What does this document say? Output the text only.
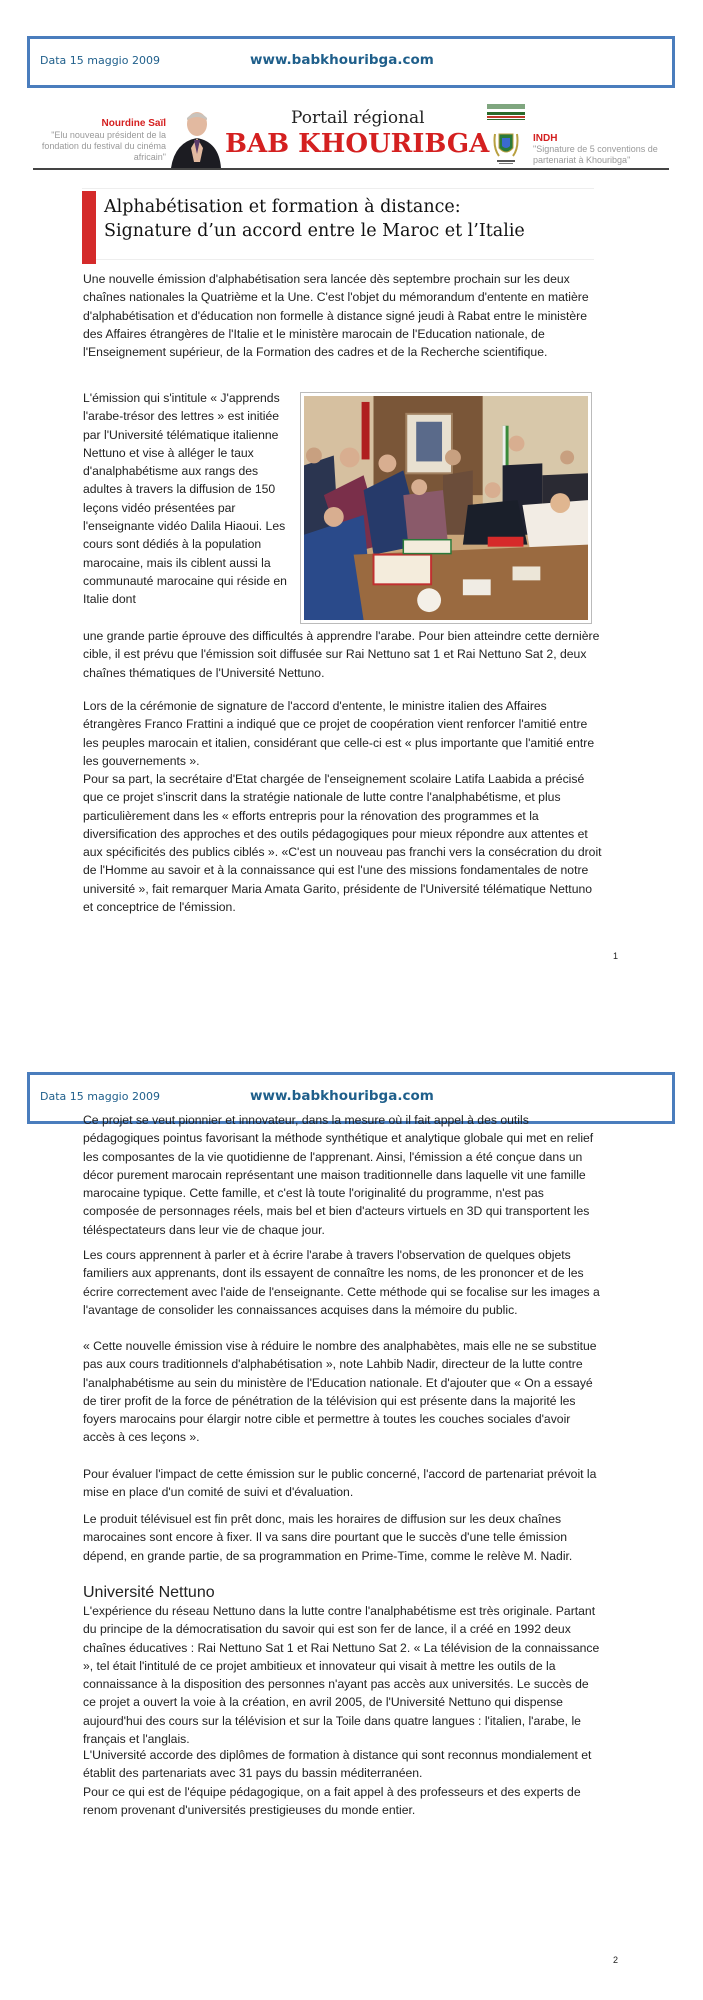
Data 15 maggio 2009	www.babkhouribga.com
Nourdine Saïl
"Elu nouveau président de la fondation du festival du cinéma africain"
Portail régional
BAB KHOURIBGA	INDH
"Signature de 5 conventions de partenariat à Khouribga"
Alphabétisation et formation à distance:
Signature d’un accord entre le Maroc et l’Italie

Une nouvelle émission d'alphabétisation sera lancée dès septembre prochain sur les deux chaînes nationales la Quatrième et la Une. C'est l'objet du mémorandum d'entente en matière d'alphabétisation et d'éducation non formelle à distance signé jeudi à Rabat entre le ministère des Affaires étrangères de l'Italie et le ministère marocain de l'Education nationale, de l'Enseignement supérieur, de la Formation des cadres et de la Recherche scientifique.

L'émission qui s'intitule « J'apprends l'arabe-trésor des lettres » est initiée par l'Université télématique italienne Nettuno et vise à alléger le taux d'analphabétisme aux rangs des adultes à travers la diffusion de 150 leçons vidéo présentées par l'enseignante vidéo Dalila Hiaoui. Les cours sont dédiés à la population marocaine, mais ils ciblent aussi la communauté marocaine qui réside en Italie dont

une grande partie éprouve des difficultés à apprendre l'arabe. Pour bien atteindre cette dernière cible, il est prévu que l'émission soit diffusée sur Rai Nettuno sat 1 et Rai Nettuno Sat 2, deux chaînes thématiques de l'Université Nettuno.

Lors de la cérémonie de signature de l'accord d'entente, le ministre italien des Affaires étrangères Franco Frattini a indiqué que ce projet de coopération vient renforcer l'amitié entre les peuples marocain et italien, considérant que celle-ci est « plus importante que l'amitié entre les gouvernements ».

Pour sa part, la secrétaire d'Etat chargée de l'enseignement scolaire Latifa Laabida a précisé que ce projet s'inscrit dans la stratégie nationale de lutte contre l'analphabétisme, et plus particulièrement dans les « efforts entrepris pour la rénovation des programmes et la diversification des approches et des outils pédagogiques pour mieux répondre aux attentes et aux spécificités des publics ciblés ». «C'est un nouveau pas franchi vers la consécration du droit de l'Homme au savoir et à la connaissance qui est l'une des missions fondamentales de notre université », fait remarquer Maria Amata Garito, présidente de l'Université télématique Nettuno et conceptrice de l'émission.

1
Data 15 maggio 2009	www.babkhouribga.com

Ce projet se veut pionnier et innovateur, dans la mesure où il fait appel à des outils pédagogiques pointus favorisant la méthode synthétique et analytique globale qui met en relief les composantes de la vie quotidienne de l'apprenant. Ainsi, l'émission a été conçue dans un décor purement marocain représentant une maison traditionnelle dans laquelle vit une famille marocaine typique. Cette famille, et c'est là toute l'originalité du programme, n'est pas composée de personnages réels, mais bel et bien d'acteurs virtuels en 3D qui transportent les téléspectateurs dans leur vie de chaque jour.

Les cours apprennent à parler et à écrire l'arabe à travers l'observation de quelques objets familiers aux apprenants, dont ils essayent de connaître les noms, de les prononcer et de les écrire correctement avec l'aide de l'enseignante. Cette méthode qui se focalise sur les images a l'avantage de consolider les connaissances acquises dans la mémoire du public.

« Cette nouvelle émission vise à réduire le nombre des analphabètes, mais elle ne se substitue pas aux cours traditionnels d'alphabétisation », note Lahbib Nadir, directeur de la lutte contre l'analphabétisme au sein du ministère de l'Education nationale. Et d'ajouter que « On a essayé de tirer profit de la force de pénétration de la télévision qui est présente dans la majorité les foyers marocains pour élargir notre cible et permettre à toutes les couches sociales d'avoir accès à ces leçons ».

Pour évaluer l'impact de cette émission sur le public concerné, l'accord de partenariat prévoit la mise en place d'un comité de suivi et d'évaluation.

Le produit télévisuel est fin prêt donc, mais les horaires de diffusion sur les deux chaînes marocaines sont encore à fixer. Il va sans dire pourtant que le succès d'une telle émission dépend, en grande partie, de sa programmation en Prime-Time, comme le relève M. Nadir.

Université Nettuno

L'expérience du réseau Nettuno dans la lutte contre l'analphabétisme est très originale. Partant du principe de la démocratisation du savoir qui est son fer de lance, il a créé en 1992 deux chaînes éducatives : Rai Nettuno Sat 1 et Rai Nettuno Sat 2. « La télévision de la connaissance », tel était l'intitulé de ce projet ambitieux et innovateur qui visait à mettre les outils de la connaissance à la disposition des personnes n'ayant pas accès aux universités. Le succès de ce projet a ouvert la voie à la création, en avril 2005, de l'Université Nettuno qui dispense aujourd'hui des cours sur la télévision et sur la Toile dans quatre langues : l'italien, l'arabe, le français et l'anglais.

L'Université accorde des diplômes de formation à distance qui sont reconnus mondialement et établit des partenariats avec 31 pays du bassin méditerranéen.

Pour ce qui est de l'équipe pédagogique, on a fait appel à des professeurs et des experts de renom provenant d'universités prestigieuses du monde entier.

2
